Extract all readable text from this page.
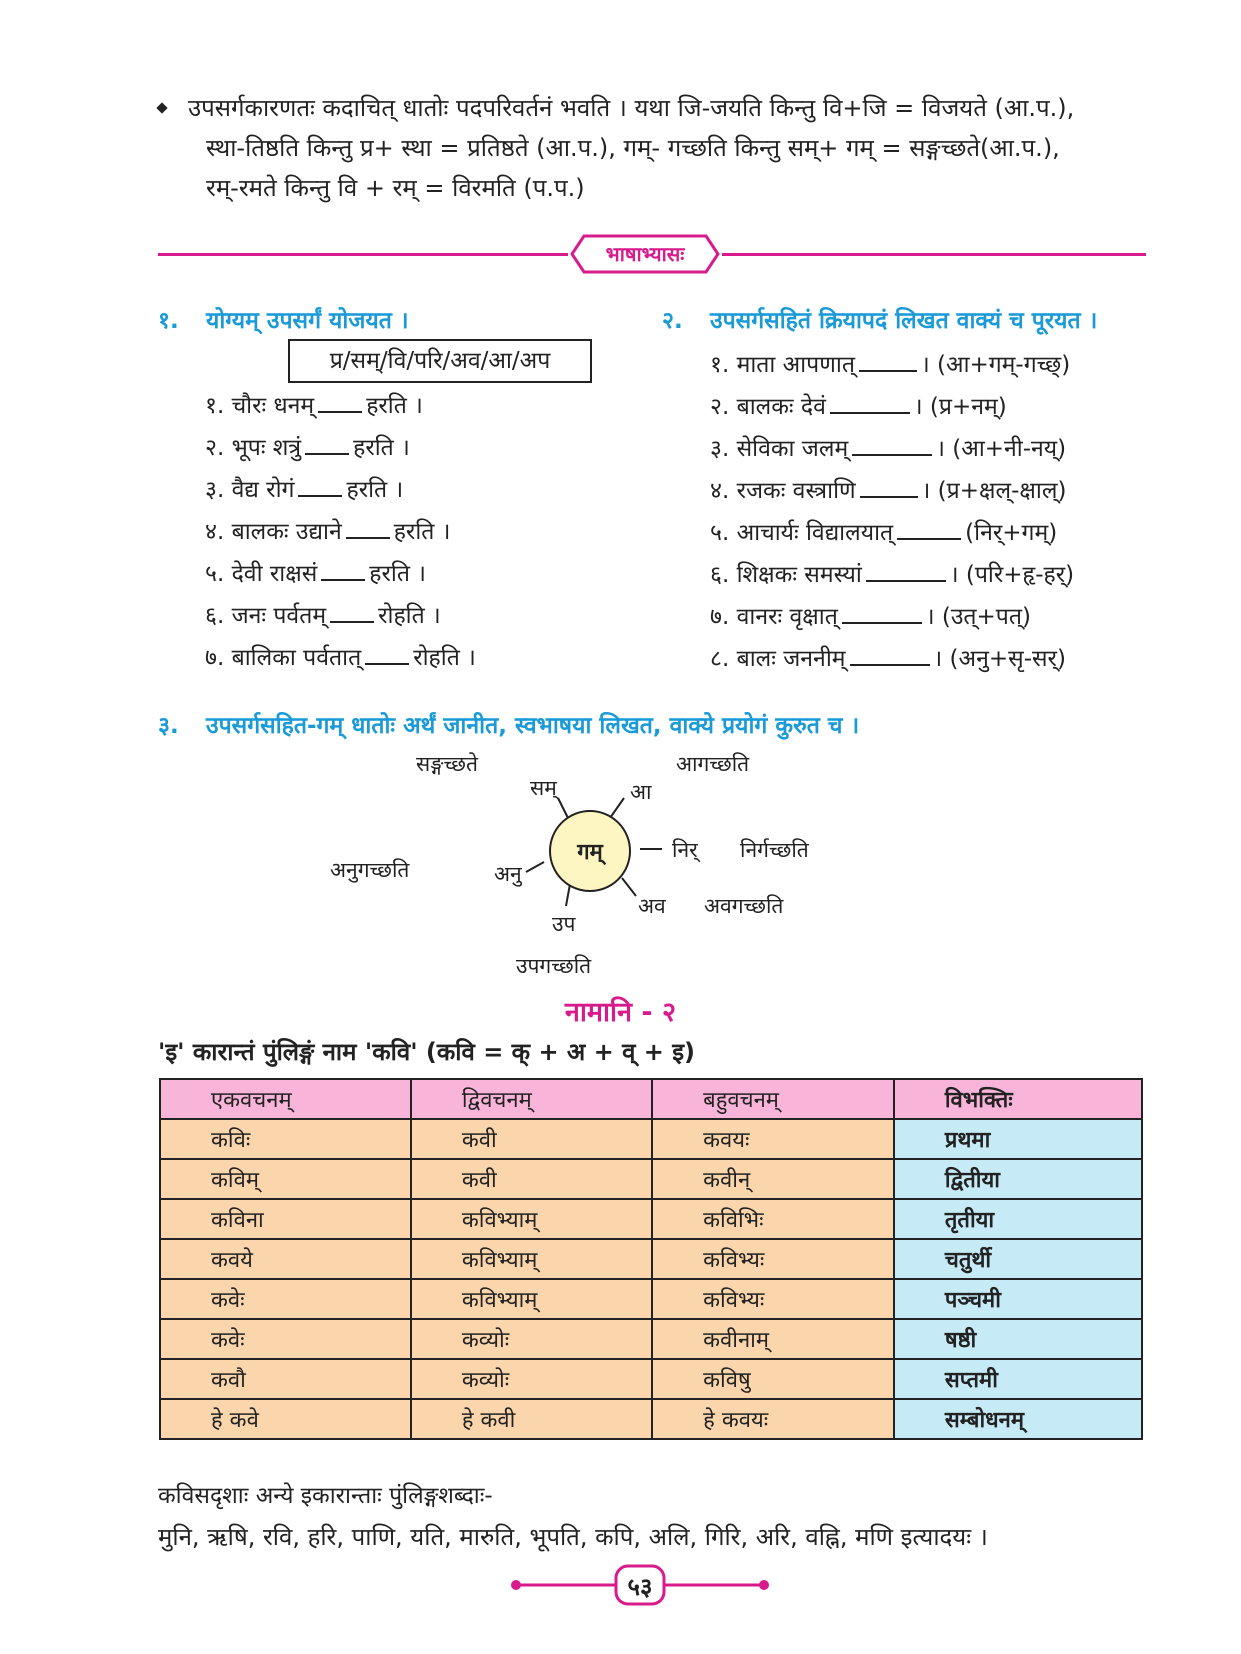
उपसर्गकारणतः कदाचित् धातोः पदपरिवर्तनं भवति । यथा जि-जयति किन्तु वि+जि = विजयते (आ.प.),
स्था-तिष्ठति किन्तु प्र+ स्था = प्रतिष्ठते (आ.प.), गम्- गच्छति किन्तु सम्+ गम् = सङ्गच्छते(आ.प.),
रम्-रमते किन्तु वि + रम् = विरमति (प.प.)
भाषाभ्यासः
१. योग्यम् उपसर्गं योजयत ।
प्र/सम्/वि/परि/अव/आ/अप
१. चौरः धनम् हरति ।
२. भूपः शत्रुं हरति ।
३. वैद्य रोगं हरति ।
४. बालकः उद्याने हरति ।
५. देवी राक्षसं हरति ।
६. जनः पर्वतम् रोहति ।
७. बालिका पर्वतात् रोहति ।
२. उपसर्गसहितं क्रियापदं लिखत वाक्यं च पूरयत ।
१. माता आपणात्	। (आ+गम्-गच्छ्)
२. बालकः देवं	। (प्र+नम्)
३. सेविका जलम्	। (आ+नी-नय्)
४. रजकः वस्त्राणि	। (प्र+क्षल्-क्षाल्)
५. आचार्यः विद्यालयात्	(निर्+गम्)
६. शिक्षकः समस्यां	। (परि+हृ-हर्)
७. वानरः वृक्षात्	। (उत्+पत्)
८. बालः जननीम्	। (अनु+सृ-सर्)
३. उपसर्गसहित-गम् धातोः अर्थं जानीत, स्वभाषया लिखत, वाक्ये प्रयोगं कुरुत च ।
गम्
सम्
सङ्गच्छते
आ
आगच्छति
निर् निर्गच्छति
अव अवगच्छति
उप
उपगच्छति
अनु
अनुगच्छति
नामानि - २
'इ' कारान्तं पुंलिङ्गं नाम 'कवि' (कवि = क् + अ + व् + इ)
एकवचनम्	द्विवचनम्	बहुवचनम्	विभक्तिः
कविः	कवी	कवयः	प्रथमा
कविम्	कवी	कवीन्	द्वितीया
कविना	कविभ्याम्	कविभिः	तृतीया
कवये	कविभ्याम्	कविभ्यः	चतुर्थी
कवेः	कविभ्याम्	कविभ्यः	पञ्चमी
कवेः	कव्योः	कवीनाम्	षष्ठी
कवौ	कव्योः	कविषु	सप्तमी
हे कवे	हे कवी	हे कवयः	सम्बोधनम्
कविसदृशाः अन्ये इकारान्ताः पुंलिङ्गशब्दाः-
मुनि, ऋषि, रवि, हरि, पाणि, यति, मारुति, भूपति, कपि, अलि, गिरि, अरि, वह्नि, मणि इत्यादयः ।
५३
